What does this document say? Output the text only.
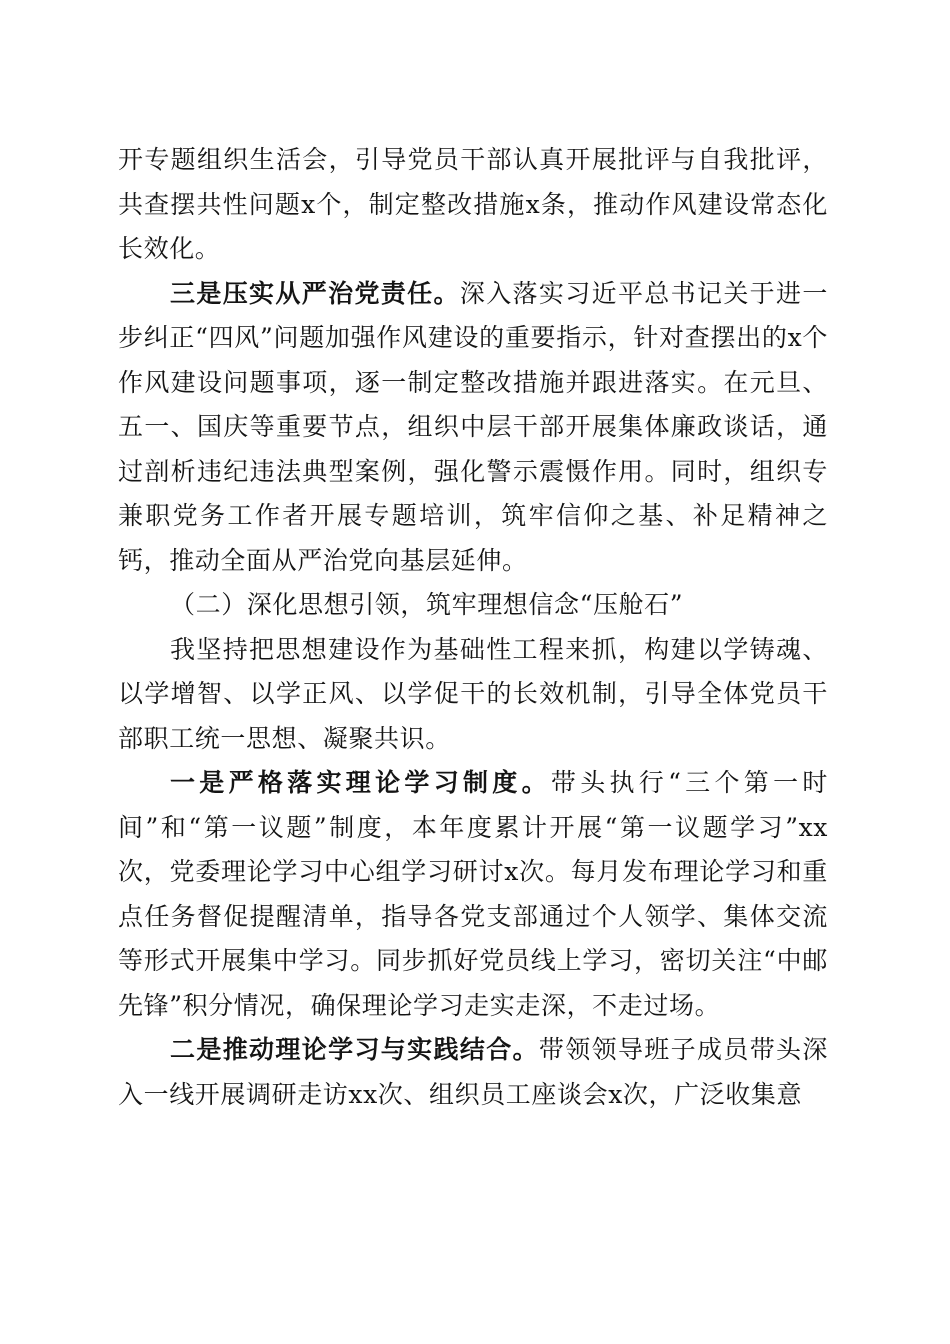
开专题组织生活会，引导党员干部认真开展批评与自我批评，共查摆共性问题x个，制定整改措施x条，推动作风建设常态化长效化。

三是压实从严治党责任。深入落实习近平总书记关于进一步纠正“四风”问题加强作风建设的重要指示，针对查摆出的x个作风建设问题事项，逐一制定整改措施并跟进落实。在元旦、五一、国庆等重要节点，组织中层干部开展集体廉政谈话，通过剖析违纪违法典型案例，强化警示震慑作用。同时，组织专兼职党务工作者开展专题培训，筑牢信仰之基、补足精神之钙，推动全面从严治党向基层延伸。

（二）深化思想引领，筑牢理想信念“压舱石”

我坚持把思想建设作为基础性工程来抓，构建以学铸魂、以学增智、以学正风、以学促干的长效机制，引导全体党员干部职工统一思想、凝聚共识。

一是严格落实理论学习制度。带头执行“三个第一时间”和“第一议题”制度，本年度累计开展“第一议题学习”xx次，党委理论学习中心组学习研讨x次。每月发布理论学习和重点任务督促提醒清单，指导各党支部通过个人领学、集体交流等形式开展集中学习。同步抓好党员线上学习，密切关注“中邮先锋”积分情况，确保理论学习走实走深，不走过场。

二是推动理论学习与实践结合。带领领导班子成员带头深入一线开展调研走访xx次、组织员工座谈会x次，广泛收集意
